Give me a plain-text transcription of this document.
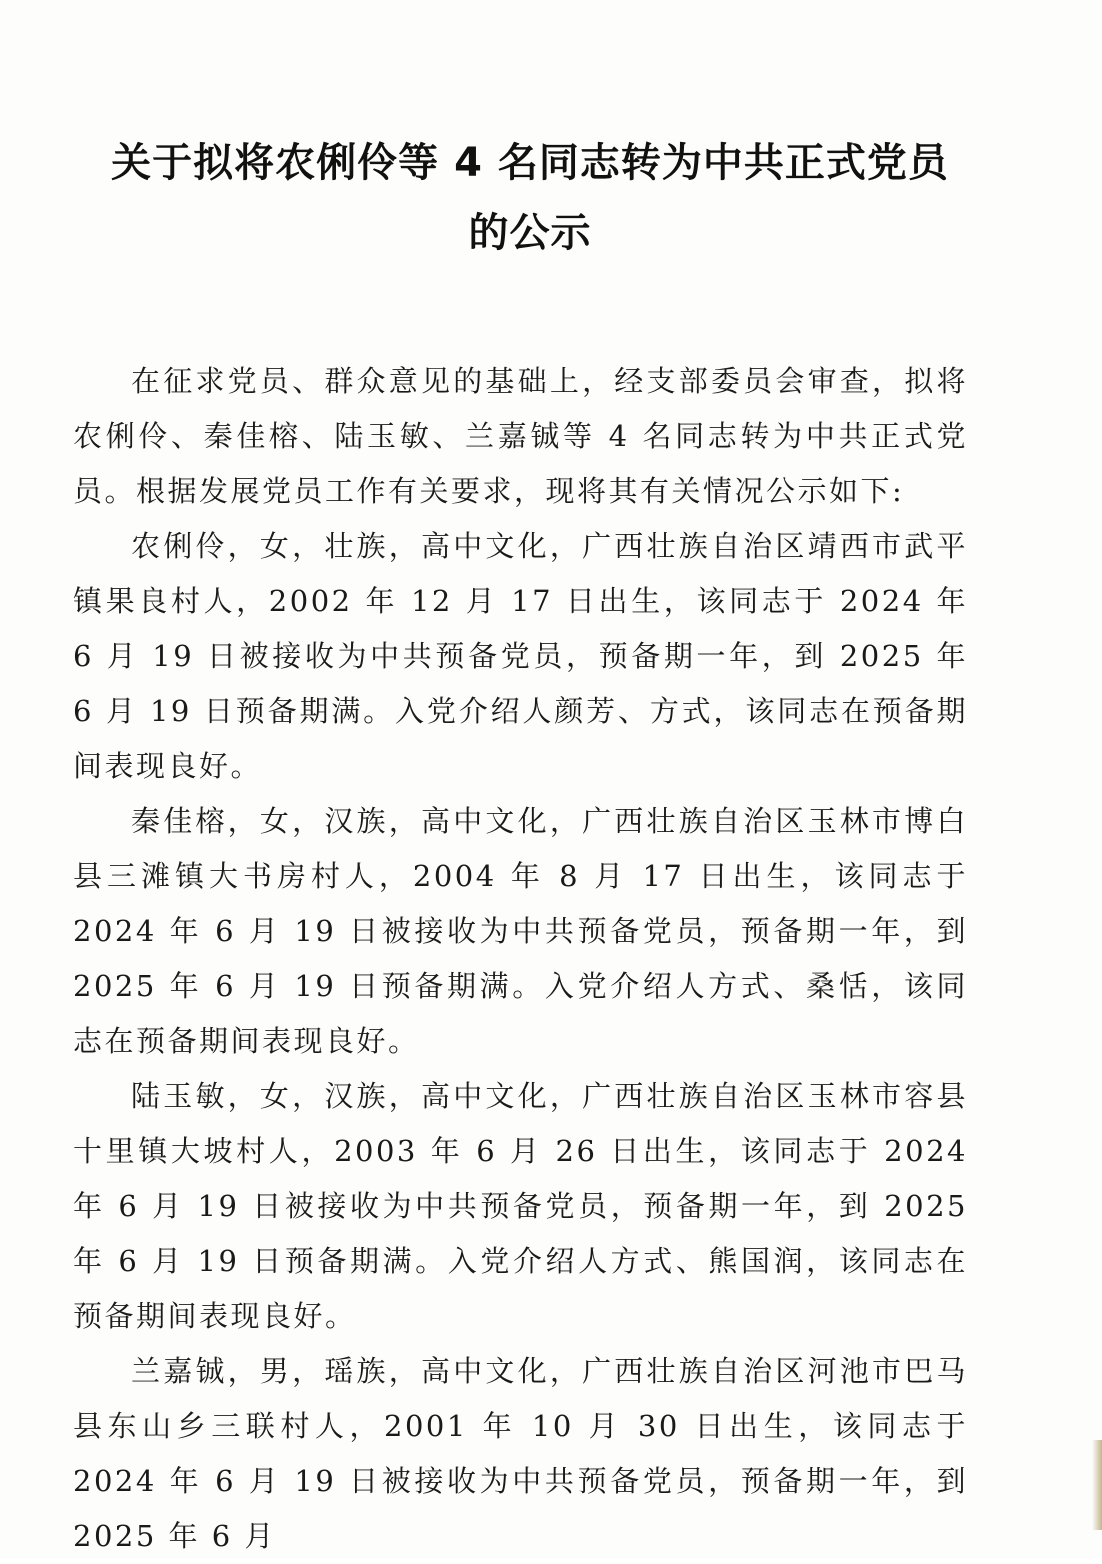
关于拟将农俐伶等 4 名同志转为中共正式党员
的公示

在征求党员、群众意见的基础上，经支部委员会审查，拟将农俐伶、秦佳榕、陆玉敏、兰嘉铖等 4 名同志转为中共正式党员。根据发展党员工作有关要求，现将其有关情况公示如下:

农俐伶，女，壮族，高中文化，广西壮族自治区靖西市武平镇果良村人，2002 年 12 月 17 日出生，该同志于 2024 年 6 月 19 日被接收为中共预备党员，预备期一年，到 2025 年 6 月 19 日预备期满。入党介绍人颜芳、方式，该同志在预备期间表现良好。

秦佳榕，女，汉族，高中文化，广西壮族自治区玉林市博白县三滩镇大书房村人，2004 年 8 月 17 日出生，该同志于 2024 年 6 月 19 日被接收为中共预备党员，预备期一年，到 2025 年 6 月 19 日预备期满。入党介绍人方式、桑恬，该同志在预备期间表现良好。

陆玉敏，女，汉族，高中文化，广西壮族自治区玉林市容县十里镇大坡村人，2003 年 6 月 26 日出生，该同志于 2024 年 6 月 19 日被接收为中共预备党员，预备期一年，到 2025 年 6 月 19 日预备期满。入党介绍人方式、熊国润，该同志在预备期间表现良好。

兰嘉铖，男，瑶族，高中文化，广西壮族自治区河池市巴马县东山乡三联村人，2001 年 10 月 30 日出生，该同志于 2024 年 6 月 19 日被接收为中共预备党员，预备期一年，到 2025 年 6 月
